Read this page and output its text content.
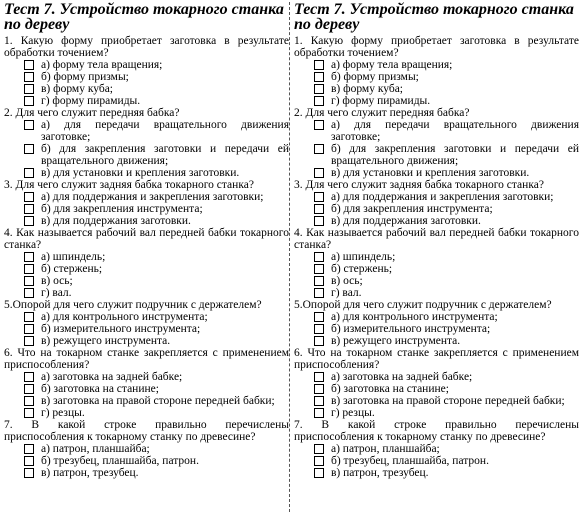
Тест 7. Устройство токарного станка по дереву
1. Какую форму приобретает заготовка в результате обработки точением?
а) форму тела вращения;
б) форму призмы;
в) форму куба;
г) форму пирамиды.
2. Для чего служит передняя бабка?
а) для передачи вращательного движения заготовке;
б) для закрепления заготовки и передачи ей вращательного движения;
в) для установки и крепления заготовки.
3. Для чего служит задняя бабка токарного станка?
а) для поддержания и закрепления заготовки;
б) для закрепления инструмента;
в) для поддержания заготовки.
4. Как называется рабочий вал передней бабки токарного станка?
а) шпиндель;
б) стержень;
в) ось;
г) вал.
5.Опорой для чего служит подручник с держателем?
а) для контрольного инструмента;
б) измерительного инструмента;
в) режущего инструмента.
6. Что на токарном станке закрепляется с применением приспособления?
а) заготовка на задней бабке;
б) заготовка на станине;
в) заготовка на правой стороне передней бабки;
г) резцы.
7. В какой строке правильно перечислены приспособления к токарному станку по древесине?
а) патрон, планшайба;
б) трезубец, планшайба, патрон.
в) патрон, трезубец.
Тест 7. Устройство токарного станка по дереву
1. Какую форму приобретает заготовка в результате обработки точением?
а) форму тела вращения;
б) форму призмы;
в) форму куба;
г) форму пирамиды.
2. Для чего служит передняя бабка?
а) для передачи вращательного движения заготовке;
б) для закрепления заготовки и передачи ей вращательного движения;
в) для установки и крепления заготовки.
3. Для чего служит задняя бабка токарного станка?
а) для поддержания и закрепления заготовки;
б) для закрепления инструмента;
в) для поддержания заготовки.
4. Как называется рабочий вал передней бабки токарного станка?
а) шпиндель;
б) стержень;
в) ось;
г) вал.
5.Опорой для чего служит подручник с держателем?
а) для контрольного инструмента;
б) измерительного инструмента;
в) режущего инструмента.
6. Что на токарном станке закрепляется с применением приспособления?
а) заготовка на задней бабке;
б) заготовка на станине;
в) заготовка на правой стороне передней бабки;
г) резцы.
7. В какой строке правильно перечислены приспособления к токарному станку по древесине?
а) патрон, планшайба;
б) трезубец, планшайба, патрон.
в) патрон, трезубец.
